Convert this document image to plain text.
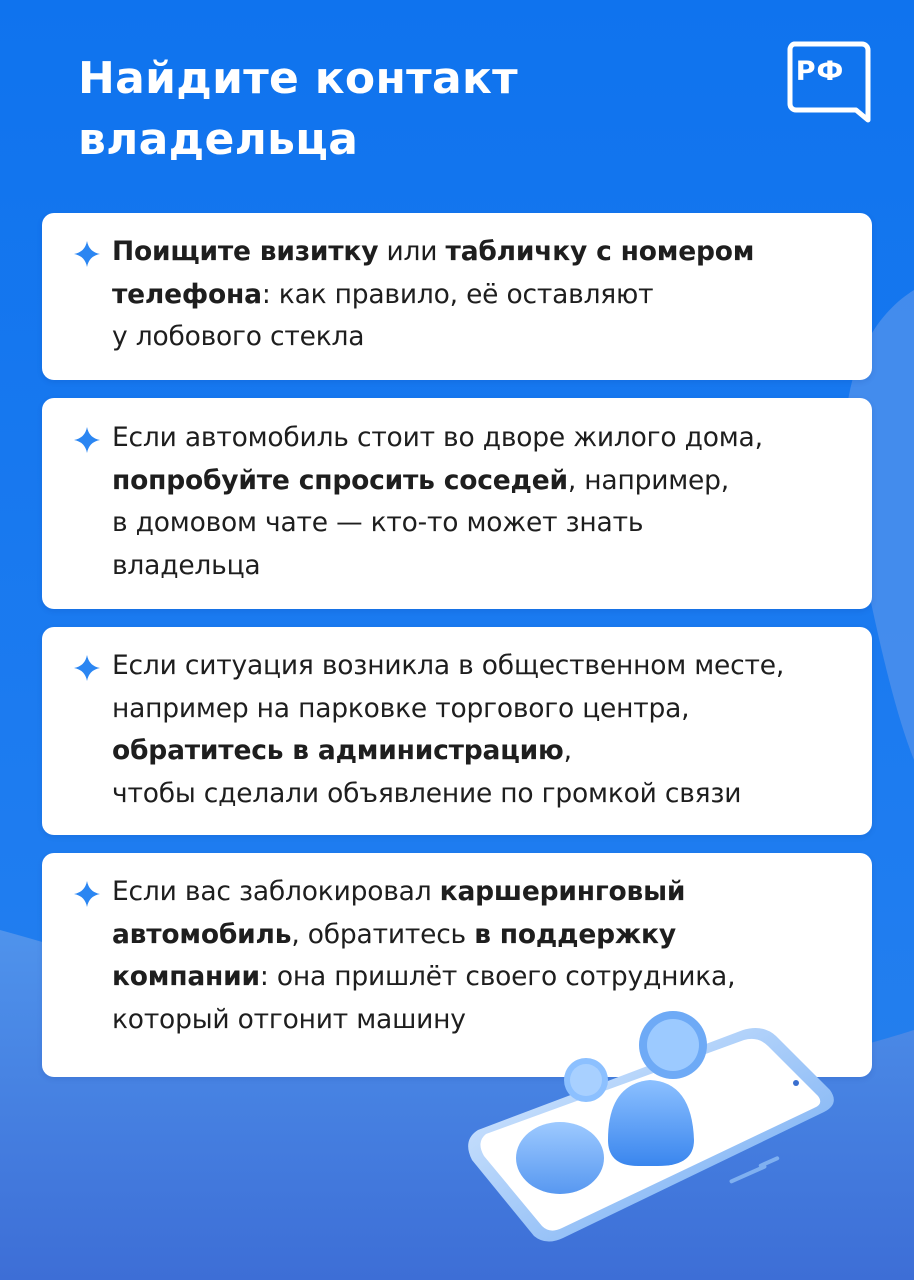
Найдите контакт
владельца
РФ
Поищите визитку или табличку с номером
телефона: как правило, её оставляют
у лобового стекла
Если автомобиль стоит во дворе жилого дома,
попробуйте спросить соседей, например,
в домовом чате — кто-то может знать
владельца
Если ситуация возникла в общественном месте,
например на парковке торгового центра,
обратитесь в администрацию,
чтобы сделали объявление по громкой связи
Если вас заблокировал каршеринговый
автомобиль, обратитесь в поддержку
компании: она пришлёт своего сотрудника,
который отгонит машину
